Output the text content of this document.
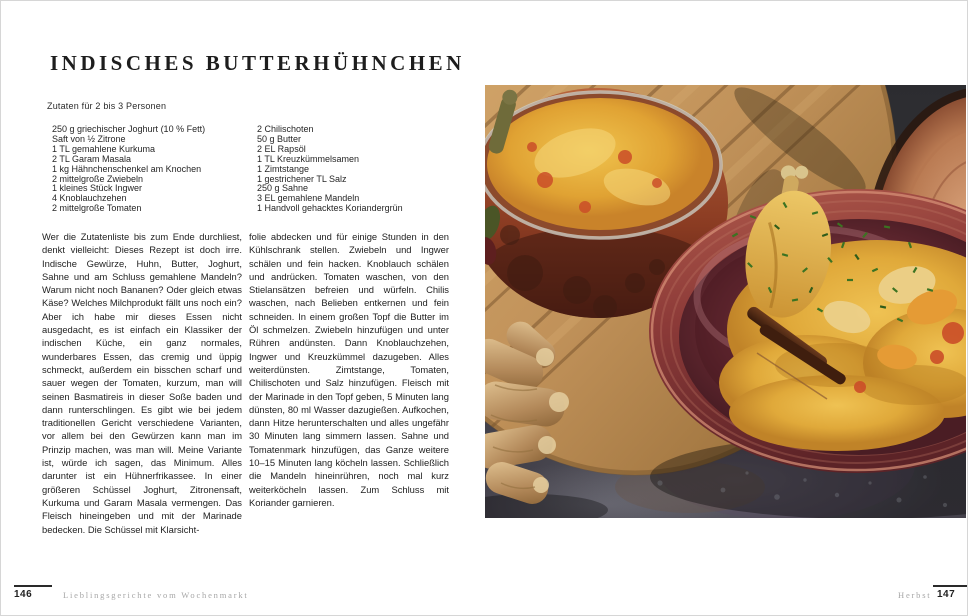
INDISCHES BUTTERHÜHNCHEN
Zutaten für 2 bis 3 Personen
250 g griechischer Joghurt (10 % Fett)
Saft von ½ Zitrone
1 TL gemahlene Kurkuma
2 TL Garam Masala
1 kg Hähnchenschenkel am Knochen
2 mittelgroße Zwiebeln
1 kleines Stück Ingwer
4 Knoblauchzehen
2 mittelgroße Tomaten
2 Chilischoten
50 g Butter
2 EL Rapsöl
1 TL Kreuzkümmelsamen
1 Zimtstange
1 gestrichener TL Salz
250 g Sahne
3 EL gemahlene Mandeln
1 Handvoll gehacktes Koriandergrün

Wer die Zutatenliste bis zum Ende durchliest, denkt vielleicht: Dieses Rezept ist doch irre. Indische Gewürze, Huhn, Butter, Joghurt, Sahne und am Schluss gemahlene Mandeln? Warum nicht noch Bananen? Oder gleich etwas Käse? Welches Milchprodukt fällt uns noch ein? Aber ich habe mir dieses Essen nicht ausgedacht, es ist einfach ein Klassiker der indischen Küche, ein ganz normales, wunderbares Essen, das cremig und üppig schmeckt, außerdem ein bisschen scharf und sauer wegen der Tomaten, kurzum, man will seinen Basmatireis in dieser Soße baden und dann runterschlingen. Es gibt wie bei jedem traditionellen Gericht verschiedene Varianten, vor allem bei den Gewürzen kann man im Prinzip machen, was man will. Meine Variante ist, würde ich sagen, das Minimum. Alles darunter ist ein Hühnerfrikassee. In einer größeren Schüssel Joghurt, Zitronensaft, Kurkuma und Garam Masala vermengen. Das Fleisch hineingeben und mit der Marinade bedecken. Die Schüssel mit Klarsicht-

folie abdecken und für einige Stunden in den Kühlschrank stellen. Zwiebeln und Ingwer schälen und fein hacken. Knoblauch schälen und andrücken. Tomaten waschen, von den Stielansätzen befreien und würfeln. Chilis waschen, nach Belieben entkernen und fein schneiden. In einem großen Topf die Butter im Öl schmelzen. Zwiebeln hinzufügen und unter Rühren andünsten. Dann Knoblauchzehen, Ingwer und Kreuzkümmel dazugeben. Alles weiterdünsten. Zimtstange, Tomaten, Chilischoten und Salz hinzufügen. Fleisch mit der Marinade in den Topf geben, 5 Minuten lang dünsten, 80 ml Wasser dazugießen. Aufkochen, dann Hitze herunterschalten und alles ungefähr 30 Minuten lang simmern lassen. Sahne und Tomatenmark hinzufügen, das Ganze weitere 10–15 Minuten lang köcheln lassen. Schließlich die Mandeln hineinrühren, noch mal kurz weiterköcheln lassen. Zum Schluss mit Koriander garnieren.

146	Lieblingsgerichte vom Wochenmarkt	147
Herbst
